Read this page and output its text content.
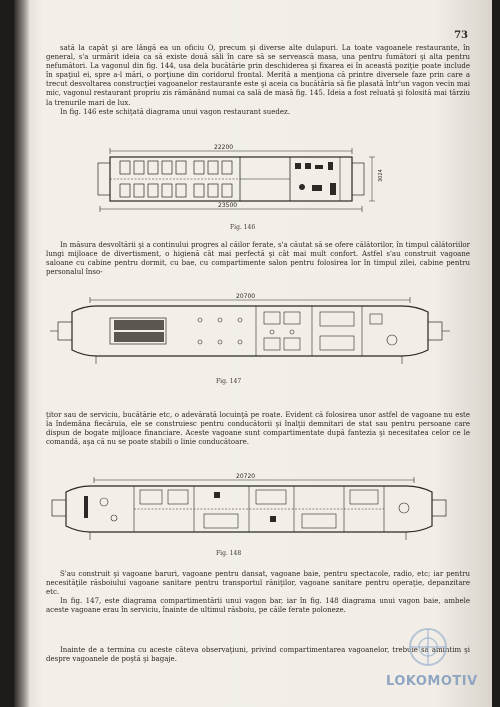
73

sată la capăt şi are lângă ea un oficiu O, precum şi diverse alte dulapuri. La toate vagoanele restaurante, în general, s'a urmărit ideia ca să existe două săli în care să se servească masa, una pentru fumători şi alta pentru nefumători. La vagonul din fig. 144, usa dela bucătărie prin deschiderea şi fixarea ei în această poziţie poate include în spaţiul ei, spre a-l mări, o porţiune din coridorul frontal. Merită a menţiona că printre diversele faze prin care a trecut desvoltarea construcţiei vagoanelor restaurante este şi aceia ca bucătăria să fie plasată într'un vagon vecin mai mic, vagonul restaurant propriu zis rămânând numai ca sală de masă fig. 145. Ideia a fost reluată şi folosită mai târziu la trenurile mari de lux.

In fig. 146 este schiţată diagrama unui vagon restaurant suedez.

22200
3024
23500
Fig. 146

In măsura desvoltării şi a continului progres al căilor ferate, s'a căutat să se ofere călătorilor, în timpul călătoriilor lungi mijloace de divertisment, o higienă cât mai perfectă şi cât mai mult confort. Astfel s'au construit vagoane saloane cu cabine pentru dormit, cu bae, cu compartimente salon pentru folosirea lor în timpul zilei, cabine pentru personalul înso-

20700
Fig. 147

ţitor sau de serviciu, bucătărie etc, o adevărată locuinţă pe roate. Evident că folosirea unor astfel de vagoane nu este la îndemâna fiecăruia, ele se construiesc pentru conducătorii şi înalţii demnitari de stat sau pentru persoane care dispun de bogate mijloace financiare. Aceste vagoane sunt compartimentate după fantezia şi necesitatea celor ce le comandă, aşa că nu se poate stabili o linie conducătoare.

20720
Fig. 148

S'au construit şi vagoane baruri, vagoane pentru dansat, vagoane baie, pentru spectacole, radio, etc; iar pentru necesităţile răsboiului vagoane sanitare pentru transportul răniţilor, vagoane sanitare pentru operaţie, depanzitare etc.

In fig. 147, este diagrama compartimentării unui vagon bar, iar în fig. 148 diagrama unui vagon baie, ambele aceste vagoane erau în serviciu, înainte de ultimul răsboiu, pe căile ferate poloneze.

Inainte de a termina cu aceste câteva observaţiuni, privind compartimentarea vagoanelor, trebuie să amintim şi despre vagoanele de poştă şi bagaje.

LOKOMOTIV
